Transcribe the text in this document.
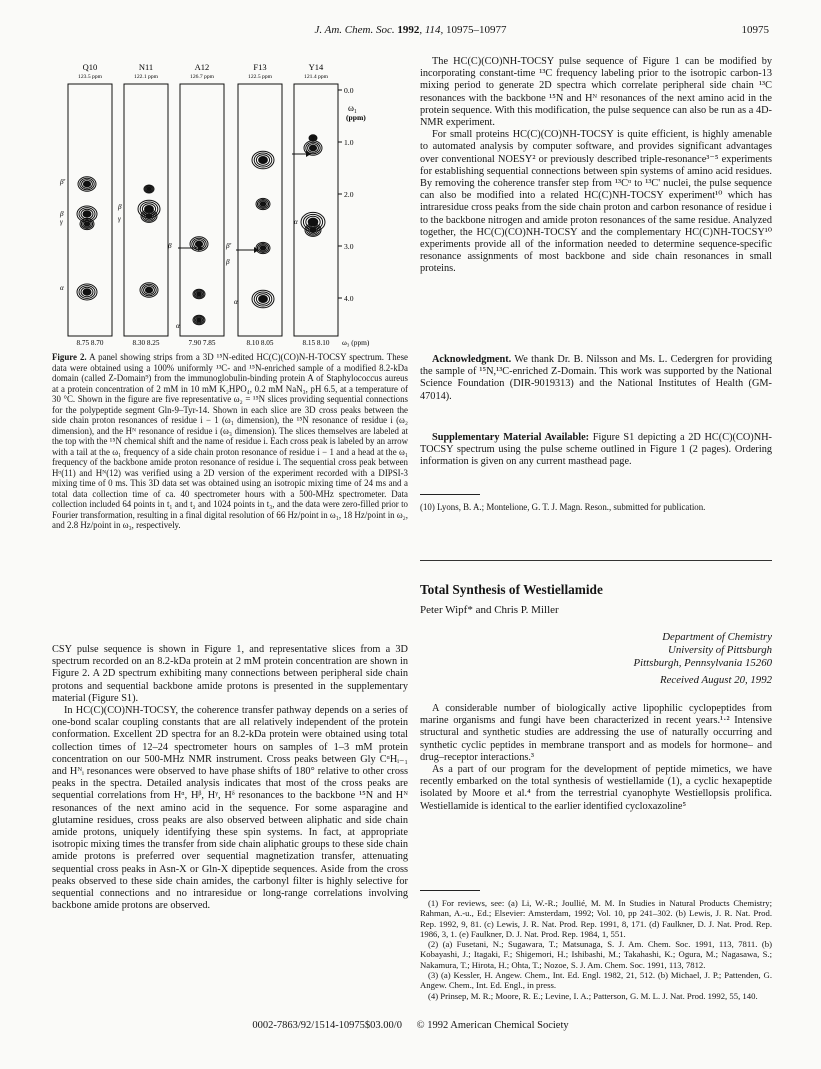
J. Am. Chem. Soc. 1992, 114, 10975–10977	10975
Q10
123.5 ppm
8.75 8.70
N11
122.1 ppm
8.30 8.25
A12
126.7 ppm
7.90 7.85
F13
122.5 ppm
8.10 8.05
Y14
121.4 ppm
8.15 8.10
0.0
1.0
2.0
3.0
4.0
ω₁
(ppm)
ω₃ (ppm)
β'
β
γ
α
β
γ
β
α
β'
β
α
α
Figure 2. A panel showing strips from a 3D ¹⁵N-edited HC(C)(CO)N-H-TOCSY spectrum. These data were obtained using a 100% uniformly ¹³C- and ¹⁵N-enriched sample of a modified 8.2-kDa domain (called Z-Domain⁹) from the immunoglobulin-binding protein A of Staphylococcus aureus at a protein concentration of 2 mM in 10 mM K₂HPO₄, 0.2 mM NaN₃, pH 6.5, at a temperature of 30 °C. Shown in the figure are five representative ω₂ = ¹⁵N slices providing sequential connections for the polypeptide segment Gln-9–Tyr-14. Shown in each slice are 3D cross peaks between the side chain proton resonances of residue i − 1 (ω₁ dimension), the ¹⁵N resonance of residue i (ω₂ dimension), and the Hᴺ resonance of residue i (ω₃ dimension). The slices themselves are labeled at the top with the ¹⁵N chemical shift and the name of residue i. Each cross peak is labeled by an arrow with a tail at the ω₁ frequency of a side chain proton resonance of residue i − 1 and a head at the ω₁ frequency of the backbone amide proton resonance of residue i. The sequential cross peak between Hᵅ(11) and Hᴺ(12) was verified using a 2D version of the experiment recorded with a DIPSI-3 mixing time of 0 ms. This 3D data set was obtained using an isotropic mixing time of 24 ms and a total data collection time of ca. 40 spectrometer hours with a 500-MHz spectrometer. Data collection included 64 points in t₁ and t₂ and 1024 points in t₃, and the data were zero-filled prior to Fourier transformation, resulting in a final digital resolution of 66 Hz/point in ω₁, 18 Hz/point in ω₂, and 2.8 Hz/point in ω₃, respectively.

CSY pulse sequence is shown in Figure 1, and representative slices from a 3D spectrum recorded on an 8.2-kDa protein at 2 mM protein concentration are shown in Figure 2. A 2D spectrum exhibiting many connections between peripheral side chain protons and sequential backbone amide protons is presented in the supplementary material (Figure S1).

In HC(C)(CO)NH-TOCSY, the coherence transfer pathway depends on a series of one-bond scalar coupling constants that are all relatively independent of the protein conformation. Excellent 2D spectra for an 8.2-kDa protein were obtained using total collection times of 12–24 spectrometer hours on samples of 1–3 mM protein concentration on our 500-MHz NMR instrument. Cross peaks between Gly CᵅHᵢ₋₁ and Hᴺᵢ resonances were observed to have phase shifts of 180° relative to other cross peaks in the spectra. Detailed analysis indicates that most of the cross peaks are sequential correlations from Hᵅ, Hᵝ, Hᵞ, Hᵟ resonances to the backbone ¹⁵N and Hᴺ resonances of the next amino acid in the sequence. For some asparagine and glutamine residues, cross peaks are also observed between aliphatic and side chain amide protons, uniquely identifying these spin systems. In fact, at appropriate isotropic mixing times the transfer from side chain aliphatic groups to these side chain amide protons is preferred over sequential magnetization transfer, attenuating sequential cross peaks in Asn-X or Gln-X dipeptide sequences. Aside from the cross peaks observed to these side chain amides, the carbonyl filter is highly selective for sequential connections and no intraresidue or long-range correlations involving backbone amide protons are observed.

The HC(C)(CO)NH-TOCSY pulse sequence of Figure 1 can be modified by incorporating constant-time ¹³C frequency labeling prior to the isotropic carbon-13 mixing period to generate 2D spectra which correlate peripheral side chain ¹³C resonances with the backbone ¹⁵N and Hᴺ resonances of the next amino acid in the protein sequence. With this modification, the pulse sequence can also be run as a 4D-NMR experiment.

For small proteins HC(C)(CO)NH-TOCSY is quite efficient, is highly amenable to automated analysis by computer software, and provides significant advantages over conventional NOESY² or previously described triple-resonance³⁻⁵ experiments for establishing sequential connections between spin systems of amino acid residues. By removing the coherence transfer step from ¹³Cᵅ to ¹³C' nuclei, the pulse sequence can also be modified into a related HC(C)NH-TOCSY experiment¹⁰ which has intraresidue cross peaks from the side chain proton and carbon resonance of residue i to the backbone nitrogen and amide proton resonances of the same residue. Analyzed together, the HC(C)(CO)NH-TOCSY and the complementary HC(C)NH-TOCSY¹⁰ experiments provide all of the information needed to determine sequence-specific resonance assignments of most backbone and side chain resonances in small proteins.

Acknowledgment. We thank Dr. B. Nilsson and Ms. L. Cedergren for providing the sample of ¹⁵N,¹³C-enriched Z-Domain. This work was supported by the National Science Foundation (DIR-9019313) and the National Institutes of Health (GM-47014).

Supplementary Material Available: Figure S1 depicting a 2D HC(C)(CO)NH-TOCSY spectrum using the pulse scheme outlined in Figure 1 (2 pages). Ordering information is given on any current masthead page.

(10) Lyons, B. A.; Montelione, G. T. J. Magn. Reson., submitted for publication.
Total Synthesis of Westiellamide
Peter Wipf* and Chris P. Miller
Department of Chemistry
University of Pittsburgh
Pittsburgh, Pennsylvania 15260
Received August 20, 1992

A considerable number of biologically active lipophilic cyclopeptides from marine organisms and fungi have been characterized in recent years.¹·² Intensive structural and synthetic studies are addressing the use of naturally occurring and synthetic cyclic peptides in membrane transport and as models for hormone– and drug–receptor interactions.³

As a part of our program for the development of peptide mimetics, we have recently embarked on the total synthesis of westiellamide (1), a cyclic hexapeptide isolated by Moore et al.⁴ from the terrestrial cyanophyte Westiellopsis prolifica. Westiellamide is identical to the earlier identified cycloxazoline⁵

(1) For reviews, see: (a) Li, W.-R.; Joullié, M. M. In Studies in Natural Products Chemistry; Rahman, A.-u., Ed.; Elsevier: Amsterdam, 1992; Vol. 10, pp 241–302. (b) Lewis, J. R. Nat. Prod. Rep. 1992, 9, 81. (c) Lewis, J. R. Nat. Prod. Rep. 1991, 8, 171. (d) Faulkner, D. J. Nat. Prod. Rep. 1986, 3, 1. (e) Faulkner, D. J. Nat. Prod. Rep. 1984, 1, 551.

(2) (a) Fusetani, N.; Sugawara, T.; Matsunaga, S. J. Am. Chem. Soc. 1991, 113, 7811. (b) Kobayashi, J.; Itagaki, F.; Shigemori, H.; Ishibashi, M.; Takahashi, K.; Ogura, M.; Nagasawa, S.; Nakamura, T.; Hirota, H.; Ohta, T.; Nozoe, S. J. Am. Chem. Soc. 1991, 113, 7812.

(3) (a) Kessler, H. Angew. Chem., Int. Ed. Engl. 1982, 21, 512. (b) Michael, J. P.; Pattenden, G. Angew. Chem., Int. Ed. Engl., in press.

(4) Prinsep, M. R.; Moore, R. E.; Levine, I. A.; Patterson, G. M. L. J. Nat. Prod. 1992, 55, 140.

0002-7863/92/1514-10975$03.00/0 © 1992 American Chemical Society
